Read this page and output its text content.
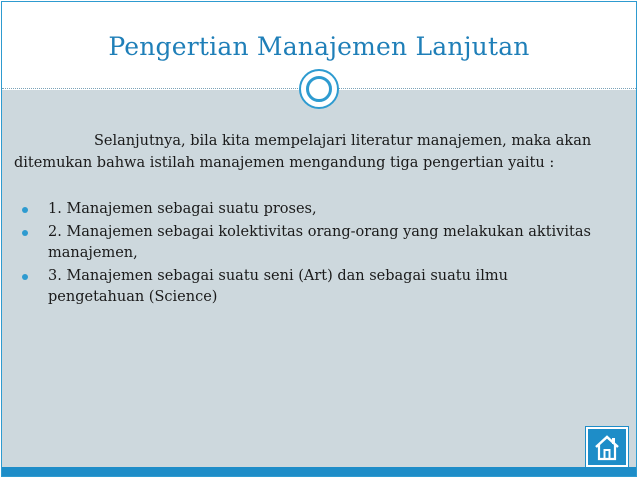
Pengertian Manajemen Lanjutan
Selanjutnya, bila kita mempelajari literatur manajemen, maka akan ditemukan bahwa istilah manajemen mengandung tiga pengertian yaitu :
1. Manajemen sebagai suatu proses,
2. Manajemen sebagai kolektivitas orang-orang yang melakukan aktivitas manajemen,
3. Manajemen sebagai suatu seni (Art) dan sebagai suatu ilmu pengetahuan (Science)
